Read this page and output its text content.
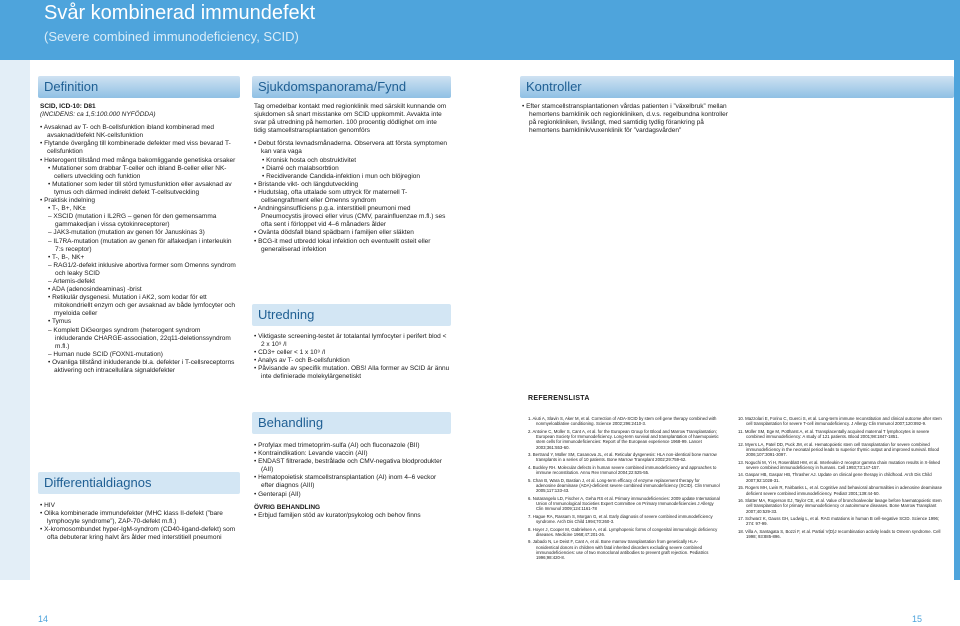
Svår kombinerad immundefekt
(Severe combined immunodeficiency, SCID)
Definition	Sjukdomspanorama/Fynd	Kontroller
Differentialdiagnos
Utredning
Behandling

SCID, ICD-10: D81

(INCIDENS: ca 1,5:100.000 NYFÖDDA)

• Avsaknad av T- och B-cellsfunktion ibland kombinerad med avsaknad/defekt NK-cellsfunktion

• Flytande övergång till kombinerade defekter med viss bevarad T-cellsfunktion

• Heterogent tillstånd med många bakomliggande genetiska orsaker

• Mutationer som drabbar T-celler och ibland B-celler eller NK-cellers utveckling och funktion

• Mutationer som leder till störd tymusfunktion eller avsaknad av tymus och därmed indirekt defekt T-cellsutveckling

• Praktisk indelning

• T-, B+, NK±

– XSCID (mutation i IL2RG – genen för den gemensamma gammakedjan i vissa cytokinreceptorer)

– JAK3-mutation (mutation av genen för Januskinas 3)

– IL7RA-mutation (mutation av genen för alfakedjan i interleukin 7:s receptor)

• T-, B-, NK+

– RAG1/2-defekt inklusive abortiva former som Omenns syndrom och leaky SCID

– Artemis-defekt

• ADA (adenosindeaminas) -brist

• Retikulär dysgenesi. Mutation i AK2, som kodar för ett mitokondriellt enzym och ger avsaknad av både lymfocyter och myeloida celler

• Tymus

– Komplett DiGeorges syndrom (heterogent syndrom inkluderande CHARGE-association, 22q11-deletionssyndrom m.fl.)

– Human nude SCID (FOXN1-mutation)

• Ovanliga tillstånd inkluderande bl.a. defekter i T-cellsreceptorns aktivering och intracellulära signaldefekter

• HIV

• Olika kombinerade immundefekter (MHC klass II-defekt (”bare lymphocyte syndrome”), ZAP-70-defekt m.fl.)

• X-kromosombundet hyper-IgM-syndrom (CD40-ligand-defekt) som ofta debuterar kring halvt års ålder med interstitiell pneumoni

Tag omedelbar kontakt med regionklinik med särskilt kunnande om sjukdomen så snart misstanke om SCID uppkommit. Avvakta inte svar på utredning på hemorten. 100 procentig dödlighet om inte tidig stamcellstransplantation genomförs

• Debut första levnadsmånaderna. Observera att första symptomen kan vara vaga

• Kronisk hosta och obstruktivitet

• Diarré och malabsorbtion

• Recidiverande Candida-infektion i mun och blöjregion

• Bristande vikt- och längdutveckling

• Hudutslag, ofta uttalade som uttryck för maternell T-cellsengraftment eller Omenns syndrom

• Andningsinsufficiens p.g.a. interstitiell pneumoni med Pneumocystis jiroveci eller virus (CMV, parainfluenzae m.fl.) ses ofta sent i förloppet vid 4–6 månaders ålder

• Ovänta dödsfall bland spädbarn i familjen eller släkten

• BCG-it med utbredd lokal infektion och eventuellt osteit eller generaliserad infektion

• Viktigaste screening-testet är totalantal lymfocyter i perifert blod < 2 x 10⁹ /l

• CD3+ celler < 1 x 10⁹ /l

• Analys av T- och B-cellsfunktion

• Påvisande av specifik mutation. OBS! Alla former av SCID är ännu inte definierade molekylärgenetiskt

• Profylax med trimetoprim-sulfa (AI) och fluconazole (BII)

• Kontraindikation: Levande vaccin (AII)

• ENDAST filtrerade, bestrålade och CMV-negativa blodprodukter (AII)

• Hematopoietisk stamcellstransplantation (AI) inom 4–6 veckor efter diagnos (AIII)

• Genterapi (AII)

ÖVRIG BEHANDLING

• Erbjud familjen stöd av kurator/psykolog och behov finns

• Efter stamcellstransplantationen vårdas patienten i ”växelbruk” mellan hemortens barnklinik och regionkliniken, d.v.s. regelbundna kontroller på regionkliniken, livslångt, med samtidig tydlig förankring på hemortens barnklinik/vuxenklinik för ”vardagsvården”

REFERENSLISTA

1. Aiuti A, Slavin S, Aker M, et al. Correction of ADA-SCID by stem cell gene therapy combined with nonmyeloablative conditioning. Science 2002;296:2410-3.

2. Antoine C, Müller S, Cant A, et al. for the European Group for Blood and Marrow Transplantation; European Society for Immunodeficiency. Long-term survival and transplantation of haemopoietic stem cells for immunodeficiencies: Report of the European experience 1968-99. Lancet 2003;361:553-60.

3. Bertrand Y, Müller SM, Casanova JL, et al. Reticular dysgenesis: HLA non-identical bone marrow transplants in a series of 10 patients. Bone Marrow Transplant 2002;29:759-62.

4. Buckley RH. Molecular defects in human severe combined immunodeficiency and approaches to immune reconstitution. Annu Rev Immunol 2004;22:625-55.

5. Chan B, Wara D, Bastian J, et al. Long-term efficacy of enzyme replacement therapy for adenosine deaminase (ADA)-deficient severe combined immunodeficiency (SCID). Clin Immunol 2005;117:133-43.

6. Notarangelo LD, Fischer A, Geha RS et al. Primary immunodeficiencies: 2009 update International Union of Immunological Societies Expert Committee on Primary Immunodeficiencies J Allergy Clin Immunol 2009;124:1161-78

7. Hague RA, Rassam S, Morgan G, et al. Early diagnosis of severe combined immunodeficiency syndrome. Arch Dis Child 1994;70:260-3.

8. Hoyer J, Cooper M, Gabrielsen A, et al. Lymphopenic forms of congenital immunologic deficiency diseases. Medicine 1968;47:201-26.

9. Jabado N, Le Deist F, Cant A, et al. Bone marrow transplantation from genetically HLA-nonidentical donors in children with fatal inherited disorders excluding severe combined immunodeficiencies: use of two monoclonal antibodies to prevent graft rejection. Pediatrics 1996;98:420-8.

10. Mazzolari E, Forino C, Guerci S, et al. Long-term immune reconstitution and clinical outcome after stem cell transplantation for severe T-cell immunodeficiency. J Allergy Clin Immunol 2007;120:892-9.

11. Müller SM, Ege M, Pottharst A, et al. Transplacentally acquired maternal T lymphocytes in severe combined immunodeficiency: A study of 121 patients. Blood 2001;98:1847-1851.

12. Myers LA, Patel DD, Puck JM, et al. Hematopoietic stem cell transplantation for severe combined immunodeficiency in the neonatal period leads to superior thymic output and improved survival. Blood 2006;107:3091-3097.

13. Noguchi M, Yi H, Rosenblatt HM, et al. Interleukin-2 receptor gamma chain mutation results in X-linked severe combined immunodeficiency in humans. Cell 1993;73:147-157.

14. Gaspar HB, Gaspar HB, Thrasher AJ. Update on clinical gene therapy in childhood. Arch Dis Child 2007;92:1028-31.

15. Rogers MH, Lwin R, Fairbanks L, et al. Cognitive and behavioral abnormalities in adenosine deaminase deficient severe combined immunodeficiency. Pediatr 2001;139:44-50.

16. Slatter MA, Rogerson EJ, Taylor CE, et al. Value of bronchoalveolar lavage before haematopoietic stem cell transplantation for primary immunodeficiency or autoimmune diseases. Bone Marrow Transplant 2007;40:529-33.

17. Schwarz K, Gauss GH, Ludwig L, et al. RAG mutations in human B cell-negative SCID. Science 1996; 274: 97-99.

18. Villa A, Santagata S, Bozzi F, et al. Partial V(D)J recombination activity leads to Omenn syndrome. Cell 1998; 93:885-896.

14	15
